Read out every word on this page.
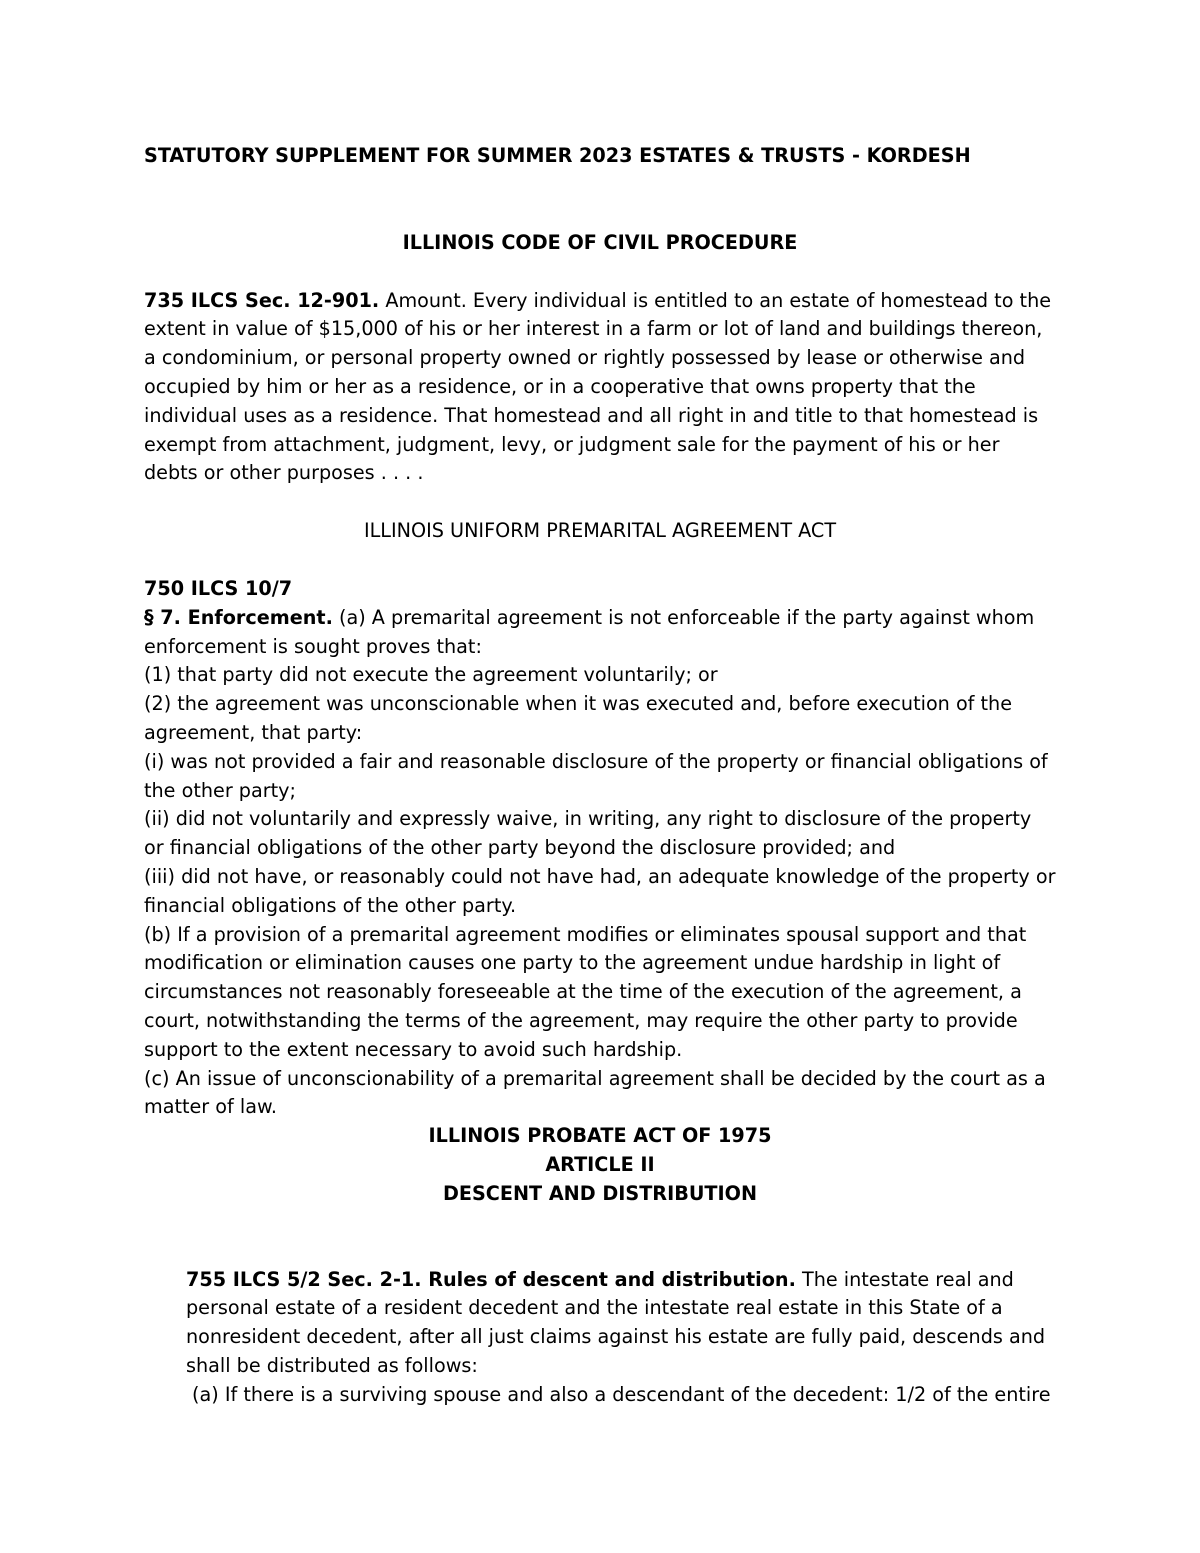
STATUTORY SUPPLEMENT FOR SUMMER 2023 ESTATES & TRUSTS - KORDESH

ILLINOIS CODE OF CIVIL PROCEDURE

735 ILCS Sec. 12-901. Amount. Every individual is entitled to an estate of homestead to the extent in value of $15,000 of his or her interest in a farm or lot of land and buildings thereon, a condominium, or personal property owned or rightly possessed by lease or otherwise and occupied by him or her as a residence, or in a cooperative that owns property that the individual uses as a residence. That homestead and all right in and title to that homestead is exempt from attachment, judgment, levy, or judgment sale for the payment of his or her debts or other purposes . . . .

ILLINOIS UNIFORM PREMARITAL AGREEMENT ACT

750 ILCS 10/7

§ 7. Enforcement. (a) A premarital agreement is not enforceable if the party against whom enforcement is sought proves that:

(1) that party did not execute the agreement voluntarily; or

(2) the agreement was unconscionable when it was executed and, before execution of the agreement, that party:

(i) was not provided a fair and reasonable disclosure of the property or financial obligations of the other party;

(ii) did not voluntarily and expressly waive, in writing, any right to disclosure of the property or financial obligations of the other party beyond the disclosure provided; and

(iii) did not have, or reasonably could not have had, an adequate knowledge of the property or financial obligations of the other party.

(b) If a provision of a premarital agreement modifies or eliminates spousal support and that modification or elimination causes one party to the agreement undue hardship in light of circumstances not reasonably foreseeable at the time of the execution of the agreement, a court, notwithstanding the terms of the agreement, may require the other party to provide support to the extent necessary to avoid such hardship.

(c) An issue of unconscionability of a premarital agreement shall be decided by the court as a matter of law.

ILLINOIS PROBATE ACT OF 1975

ARTICLE II

DESCENT AND DISTRIBUTION

755 ILCS 5/2 Sec. 2-1. Rules of descent and distribution. The intestate real and personal estate of a resident decedent and the intestate real estate in this State of a nonresident decedent, after all just claims against his estate are fully paid, descends and shall be distributed as follows:

(a) If there is a surviving spouse and also a descendant of the decedent: 1/2 of the entire
